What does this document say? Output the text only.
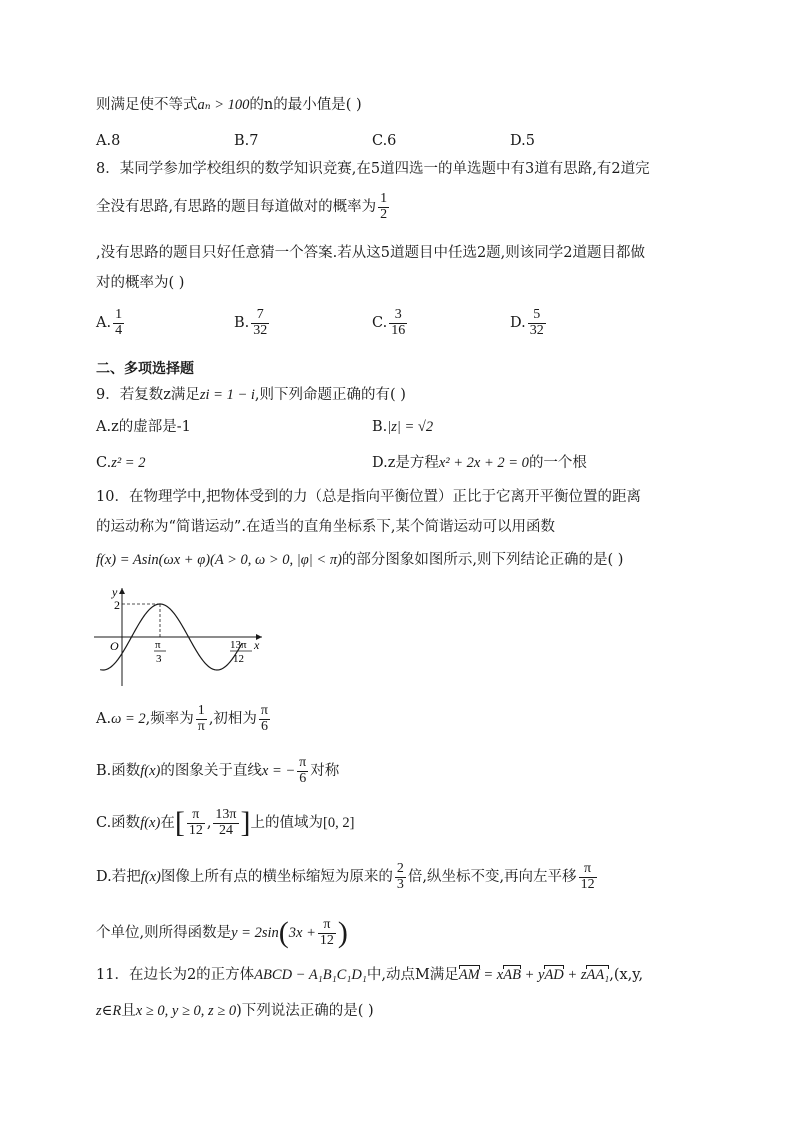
则满足使不等式aₙ > 100的n的最小值是( )
A.8	B.7	C.6	D.5
8．某同学参加学校组织的数学知识竞赛,在5道四选一的单选题中有3道有思路,有2道完
全没有思路,有思路的题目每道做对的概率为 $\frac{1}{2}$
,没有思路的题目只好任意猜一个答案.若从这5道题目中任选2题,则该同学2道题目都做
对的概率为( )
A. $\frac{1}{4}$	B. $\frac{7}{32}$	C. $\frac{3}{16}$	D. $\frac{5}{32}$
二、多项选择题
9．若复数z满足zi = 1 − i,则下列命题正确的有( )
A.z的虚部是-1	B.|z| = √2
C.z² = 2	D.z是方程x² + 2x + 2 = 0的一个根
10．在物理学中,把物体受到的力（总是指向平衡位置）正比于它离开平衡位置的距离
的运动称为“简谐运动”.在适当的直角坐标系下,某个简谐运动可以用函数
f(x) = Asin(ωx + φ)(A > 0, ω > 0, |φ| < π)的部分图象如图所示,则下列结论正确的是( )
y
x
O
2
π
3
13π
12
A.ω = 2,频率为 $\frac{1}{\pi}$ ,初相为 $\frac{\pi}{6}$
B.函数f(x)的图象关于直线x = − $\frac{\pi}{6}$ 对称
C.函数f(x)在[ $\frac{\pi}{12}$ , $\frac{13\pi}{24}$ ]上的值域为[0, 2]
D.若把f(x)图像上所有点的横坐标缩短为原来的 $\frac{2}{3}$ 倍,纵坐标不变,再向左平移 $\frac{\pi}{12}$
个单位,则所得函数是$y = 2\sin(3x + \frac{\pi}{12}$ )
11．在边长为2的正方体ABCD − A₁B₁C₁D₁中,动点M满足AM = xAB + yAD + zAA₁,(x,y,
z∈R且x ≥ 0, y ≥ 0, z ≥ 0)下列说法正确的是( )
